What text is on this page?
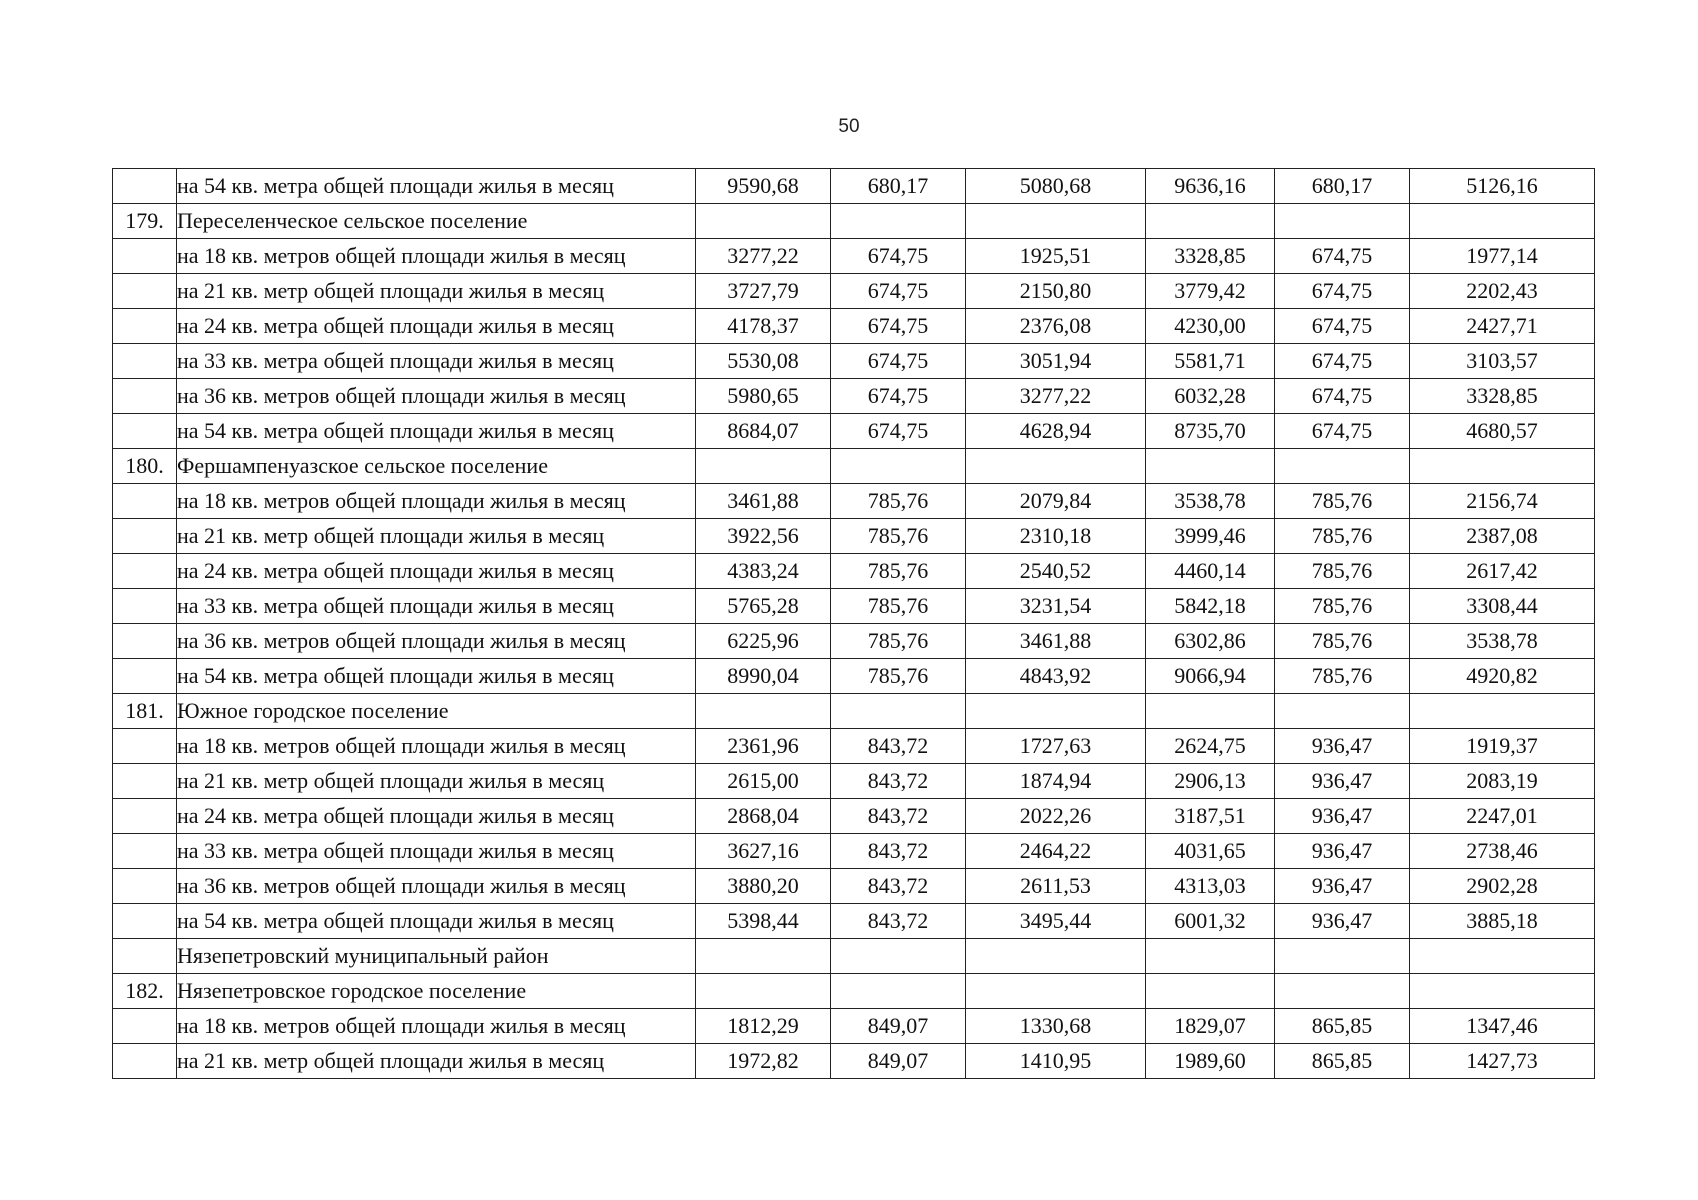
50
	на 54 кв. метра общей площади жилья в месяц	9590,68	680,17	5080,68	9636,16	680,17	5126,16
179.	Переселенческое сельское поселение						
	на 18 кв. метров общей площади жилья в месяц	3277,22	674,75	1925,51	3328,85	674,75	1977,14
	на 21 кв. метр общей площади жилья в месяц	3727,79	674,75	2150,80	3779,42	674,75	2202,43
	на 24 кв. метра общей площади жилья в месяц	4178,37	674,75	2376,08	4230,00	674,75	2427,71
	на 33 кв. метра общей площади жилья в месяц	5530,08	674,75	3051,94	5581,71	674,75	3103,57
	на 36 кв. метров общей площади жилья в месяц	5980,65	674,75	3277,22	6032,28	674,75	3328,85
	на 54 кв. метра общей площади жилья в месяц	8684,07	674,75	4628,94	8735,70	674,75	4680,57
180.	Фершампенуазское сельское поселение						
	на 18 кв. метров общей площади жилья в месяц	3461,88	785,76	2079,84	3538,78	785,76	2156,74
	на 21 кв. метр общей площади жилья в месяц	3922,56	785,76	2310,18	3999,46	785,76	2387,08
	на 24 кв. метра общей площади жилья в месяц	4383,24	785,76	2540,52	4460,14	785,76	2617,42
	на 33 кв. метра общей площади жилья в месяц	5765,28	785,76	3231,54	5842,18	785,76	3308,44
	на 36 кв. метров общей площади жилья в месяц	6225,96	785,76	3461,88	6302,86	785,76	3538,78
	на 54 кв. метра общей площади жилья в месяц	8990,04	785,76	4843,92	9066,94	785,76	4920,82
181.	Южное городское поселение						
	на 18 кв. метров общей площади жилья в месяц	2361,96	843,72	1727,63	2624,75	936,47	1919,37
	на 21 кв. метр общей площади жилья в месяц	2615,00	843,72	1874,94	2906,13	936,47	2083,19
	на 24 кв. метра общей площади жилья в месяц	2868,04	843,72	2022,26	3187,51	936,47	2247,01
	на 33 кв. метра общей площади жилья в месяц	3627,16	843,72	2464,22	4031,65	936,47	2738,46
	на 36 кв. метров общей площади жилья в месяц	3880,20	843,72	2611,53	4313,03	936,47	2902,28
	на 54 кв. метра общей площади жилья в месяц	5398,44	843,72	3495,44	6001,32	936,47	3885,18
	Нязепетровский муниципальный район						
182.	Нязепетровское городское поселение						
	на 18 кв. метров общей площади жилья в месяц	1812,29	849,07	1330,68	1829,07	865,85	1347,46
	на 21 кв. метр общей площади жилья в месяц	1972,82	849,07	1410,95	1989,60	865,85	1427,73
